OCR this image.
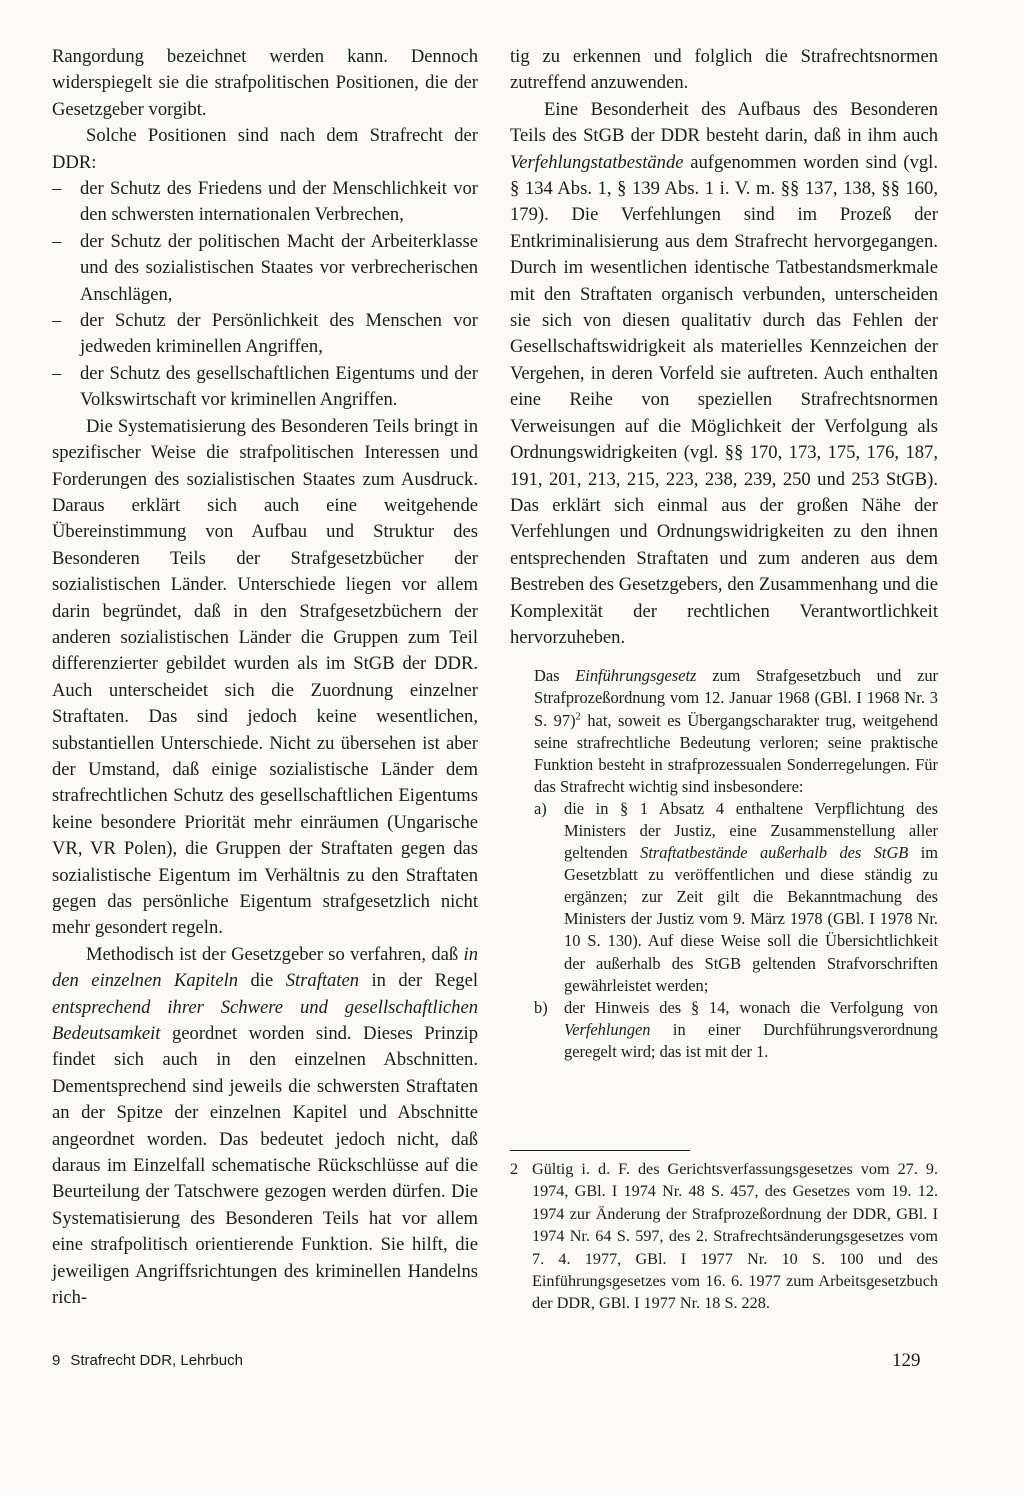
Rangordung bezeichnet werden kann. Dennoch widerspiegelt sie die strafpolitischen Positionen, die der Gesetzgeber vorgibt.

Solche Positionen sind nach dem Strafrecht der DDR:

– der Schutz des Friedens und der Menschlichkeit vor den schwersten internationalen Verbrechen,
– der Schutz der politischen Macht der Arbeiterklasse und des sozialistischen Staates vor verbrecherischen Anschlägen,
– der Schutz der Persönlichkeit des Menschen vor jedweden kriminellen Angriffen,
– der Schutz des gesellschaftlichen Eigentums und der Volkswirtschaft vor kriminellen Angriffen.

Die Systematisierung des Besonderen Teils bringt in spezifischer Weise die strafpolitischen Interessen und Forderungen des sozialistischen Staates zum Ausdruck. Daraus erklärt sich auch eine weitgehende Übereinstimmung von Aufbau und Struktur des Besonderen Teils der Strafgesetzbücher der sozialistischen Länder. Unterschiede liegen vor allem darin begründet, daß in den Strafgesetzbüchern der anderen sozialistischen Länder die Gruppen zum Teil differenzierter gebildet wurden als im StGB der DDR. Auch unterscheidet sich die Zuordnung einzelner Straftaten. Das sind jedoch keine wesentlichen, substantiellen Unterschiede. Nicht zu übersehen ist aber der Umstand, daß einige sozialistische Länder dem strafrechtlichen Schutz des gesellschaftlichen Eigentums keine besondere Priorität mehr einräumen (Ungarische VR, VR Polen), die Gruppen der Straftaten gegen das sozialistische Eigentum im Verhältnis zu den Straftaten gegen das persönliche Eigentum strafgesetzlich nicht mehr gesondert regeln.

Methodisch ist der Gesetzgeber so verfahren, daß in den einzelnen Kapiteln die Straftaten in der Regel entsprechend ihrer Schwere und gesellschaftlichen Bedeutsamkeit geordnet worden sind. Dieses Prinzip findet sich auch in den einzelnen Abschnitten. Dementsprechend sind jeweils die schwersten Straftaten an der Spitze der einzelnen Kapitel und Abschnitte angeordnet worden. Das bedeutet jedoch nicht, daß daraus im Einzelfall schematische Rückschlüsse auf die Beurteilung der Tatschwere gezogen werden dürfen. Die Systematisierung des Besonderen Teils hat vor allem eine strafpolitisch orientierende Funktion. Sie hilft, die jeweiligen Angriffsrichtungen des kriminellen Handelns rich-

tig zu erkennen und folglich die Strafrechtsnormen zutreffend anzuwenden.

Eine Besonderheit des Aufbaus des Besonderen Teils des StGB der DDR besteht darin, daß in ihm auch Verfehlungstatbestände aufgenommen worden sind (vgl. § 134 Abs. 1, § 139 Abs. 1 i. V. m. §§ 137, 138, §§ 160, 179). Die Verfehlungen sind im Prozeß der Entkriminalisierung aus dem Strafrecht hervorgegangen. Durch im wesentlichen identische Tatbestandsmerkmale mit den Straftaten organisch verbunden, unterscheiden sie sich von diesen qualitativ durch das Fehlen der Gesellschaftswidrigkeit als materielles Kennzeichen der Vergehen, in deren Vorfeld sie auftreten. Auch enthalten eine Reihe von speziellen Strafrechtsnormen Verweisungen auf die Möglichkeit der Verfolgung als Ordnungswidrigkeiten (vgl. §§ 170, 173, 175, 176, 187, 191, 201, 213, 215, 223, 238, 239, 250 und 253 StGB). Das erklärt sich einmal aus der großen Nähe der Verfehlungen und Ordnungswidrigkeiten zu den ihnen entsprechenden Straftaten und zum anderen aus dem Bestreben des Gesetzgebers, den Zusammenhang und die Komplexität der rechtlichen Verantwortlichkeit hervorzuheben.

Das Einführungsgesetz zum Strafgesetzbuch und zur Strafprozeßordnung vom 12. Januar 1968 (GBl. I 1968 Nr. 3 S. 97)$^2$ hat, soweit es Übergangscharakter trug, weitgehend seine strafrechtliche Bedeutung verloren; seine praktische Funktion besteht in strafprozessualen Sonderregelungen. Für das Strafrecht wichtig sind insbesondere:

a) die in § 1 Absatz 4 enthaltene Verpflichtung des Ministers der Justiz, eine Zusammenstellung aller geltenden Straftatbestände außerhalb des StGB im Gesetzblatt zu veröffentlichen und diese ständig zu ergänzen; zur Zeit gilt die Bekanntmachung des Ministers der Justiz vom 9. März 1978 (GBl. I 1978 Nr. 10 S. 130). Auf diese Weise soll die Übersichtlichkeit der außerhalb des StGB geltenden Strafvorschriften gewährleistet werden;
b) der Hinweis des § 14, wonach die Verfolgung von Verfehlungen in einer Durchführungsverordnung geregelt wird; das ist mit der 1.
2 Gültig i. d. F. des Gerichtsverfassungsgesetzes vom 27. 9. 1974, GBl. I 1974 Nr. 48 S. 457, des Gesetzes vom 19. 12. 1974 zur Änderung der Strafprozeßordnung der DDR, GBl. I 1974 Nr. 64 S. 597, des 2. Strafrechtsänderungsgesetzes vom 7. 4. 1977, GBl. I 1977 Nr. 10 S. 100 und des Einführungsgesetzes vom 16. 6. 1977 zum Arbeitsgesetzbuch der DDR, GBl. I 1977 Nr. 18 S. 228.
9 Strafrecht DDR, Lehrbuch	129
